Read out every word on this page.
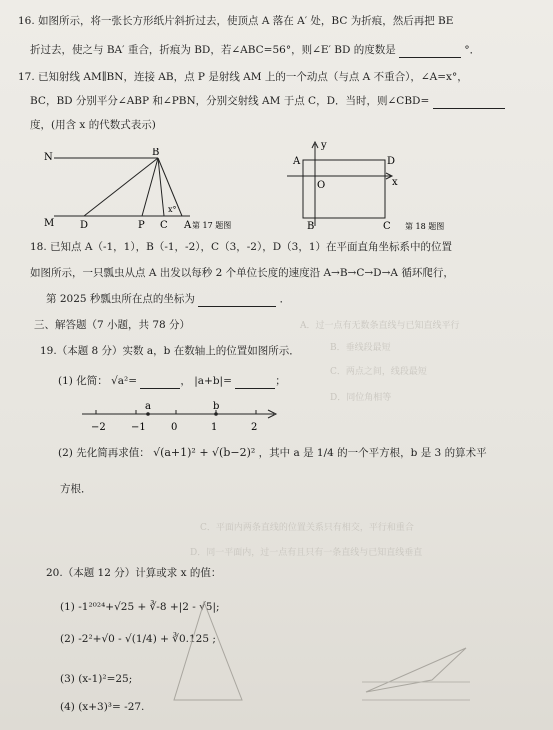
A．过一点有无数条直线与已知直线平行
B．垂线段最短
C．两点之间，线段最短
D．同位角相等
C．平面内两条直线的位置关系只有相交，平行和重合
D．同一平面内，过一点有且只有一条直线与已知直线垂直
16. 如图所示，将一张长方形纸片斜折过去，使顶点 A 落在 A′ 处，BC 为折痕，然后再把 BE
折过去，使之与 BA′ 重合，折痕为 BD，若∠ABC=56°，则∠E′ BD 的度数是	°．
17. 已知射线 AM∥BN，连接 AB，点 P 是射线 AM 上的一个动点（与点 A 不重合），∠A=x°，
BC，BD 分别平分∠ABP 和∠PBN，分别交射线 AM 于点 C，D．当时，则∠CBD=
度，(用含 x 的代数式表示)
N	B
M	D	P C A
x°
第 17 题图
y
A	D
O	x
B	C 第 18 题图
18. 已知点 A（-1，1），B（-1，-2），C（3，-2），D（3，1）在平面直角坐标系中的位置
如图所示，一只瓢虫从点 A 出发以每秒 2 个单位长度的速度沿 A→B→C→D→A 循环爬行，
第 2025 秒瓢虫所在点的坐标为	．
三、解答题（7 小题，共 78 分）
19.（本题 8 分）实数 a，b 在数轴上的位置如图所示．
(1) 化简： √a²=	， |a+b|=	；
−2	−1	0	1	2
a	b
(2) 先化简再求值： √(a+1)² + √(b−2)² ，其中 a 是 1/4 的一个平方根，b 是 3 的算术平
方根．
20.（本题 12 分）计算或求 x 的值：
(1) -1²⁰²⁴+√25 + ∛-8 +|2 - √5|;
(2) -2²+√0 - √(1/4) + ∛0.125 ;
(3) (x-1)²=25;
(4) (x+3)³= -27.
